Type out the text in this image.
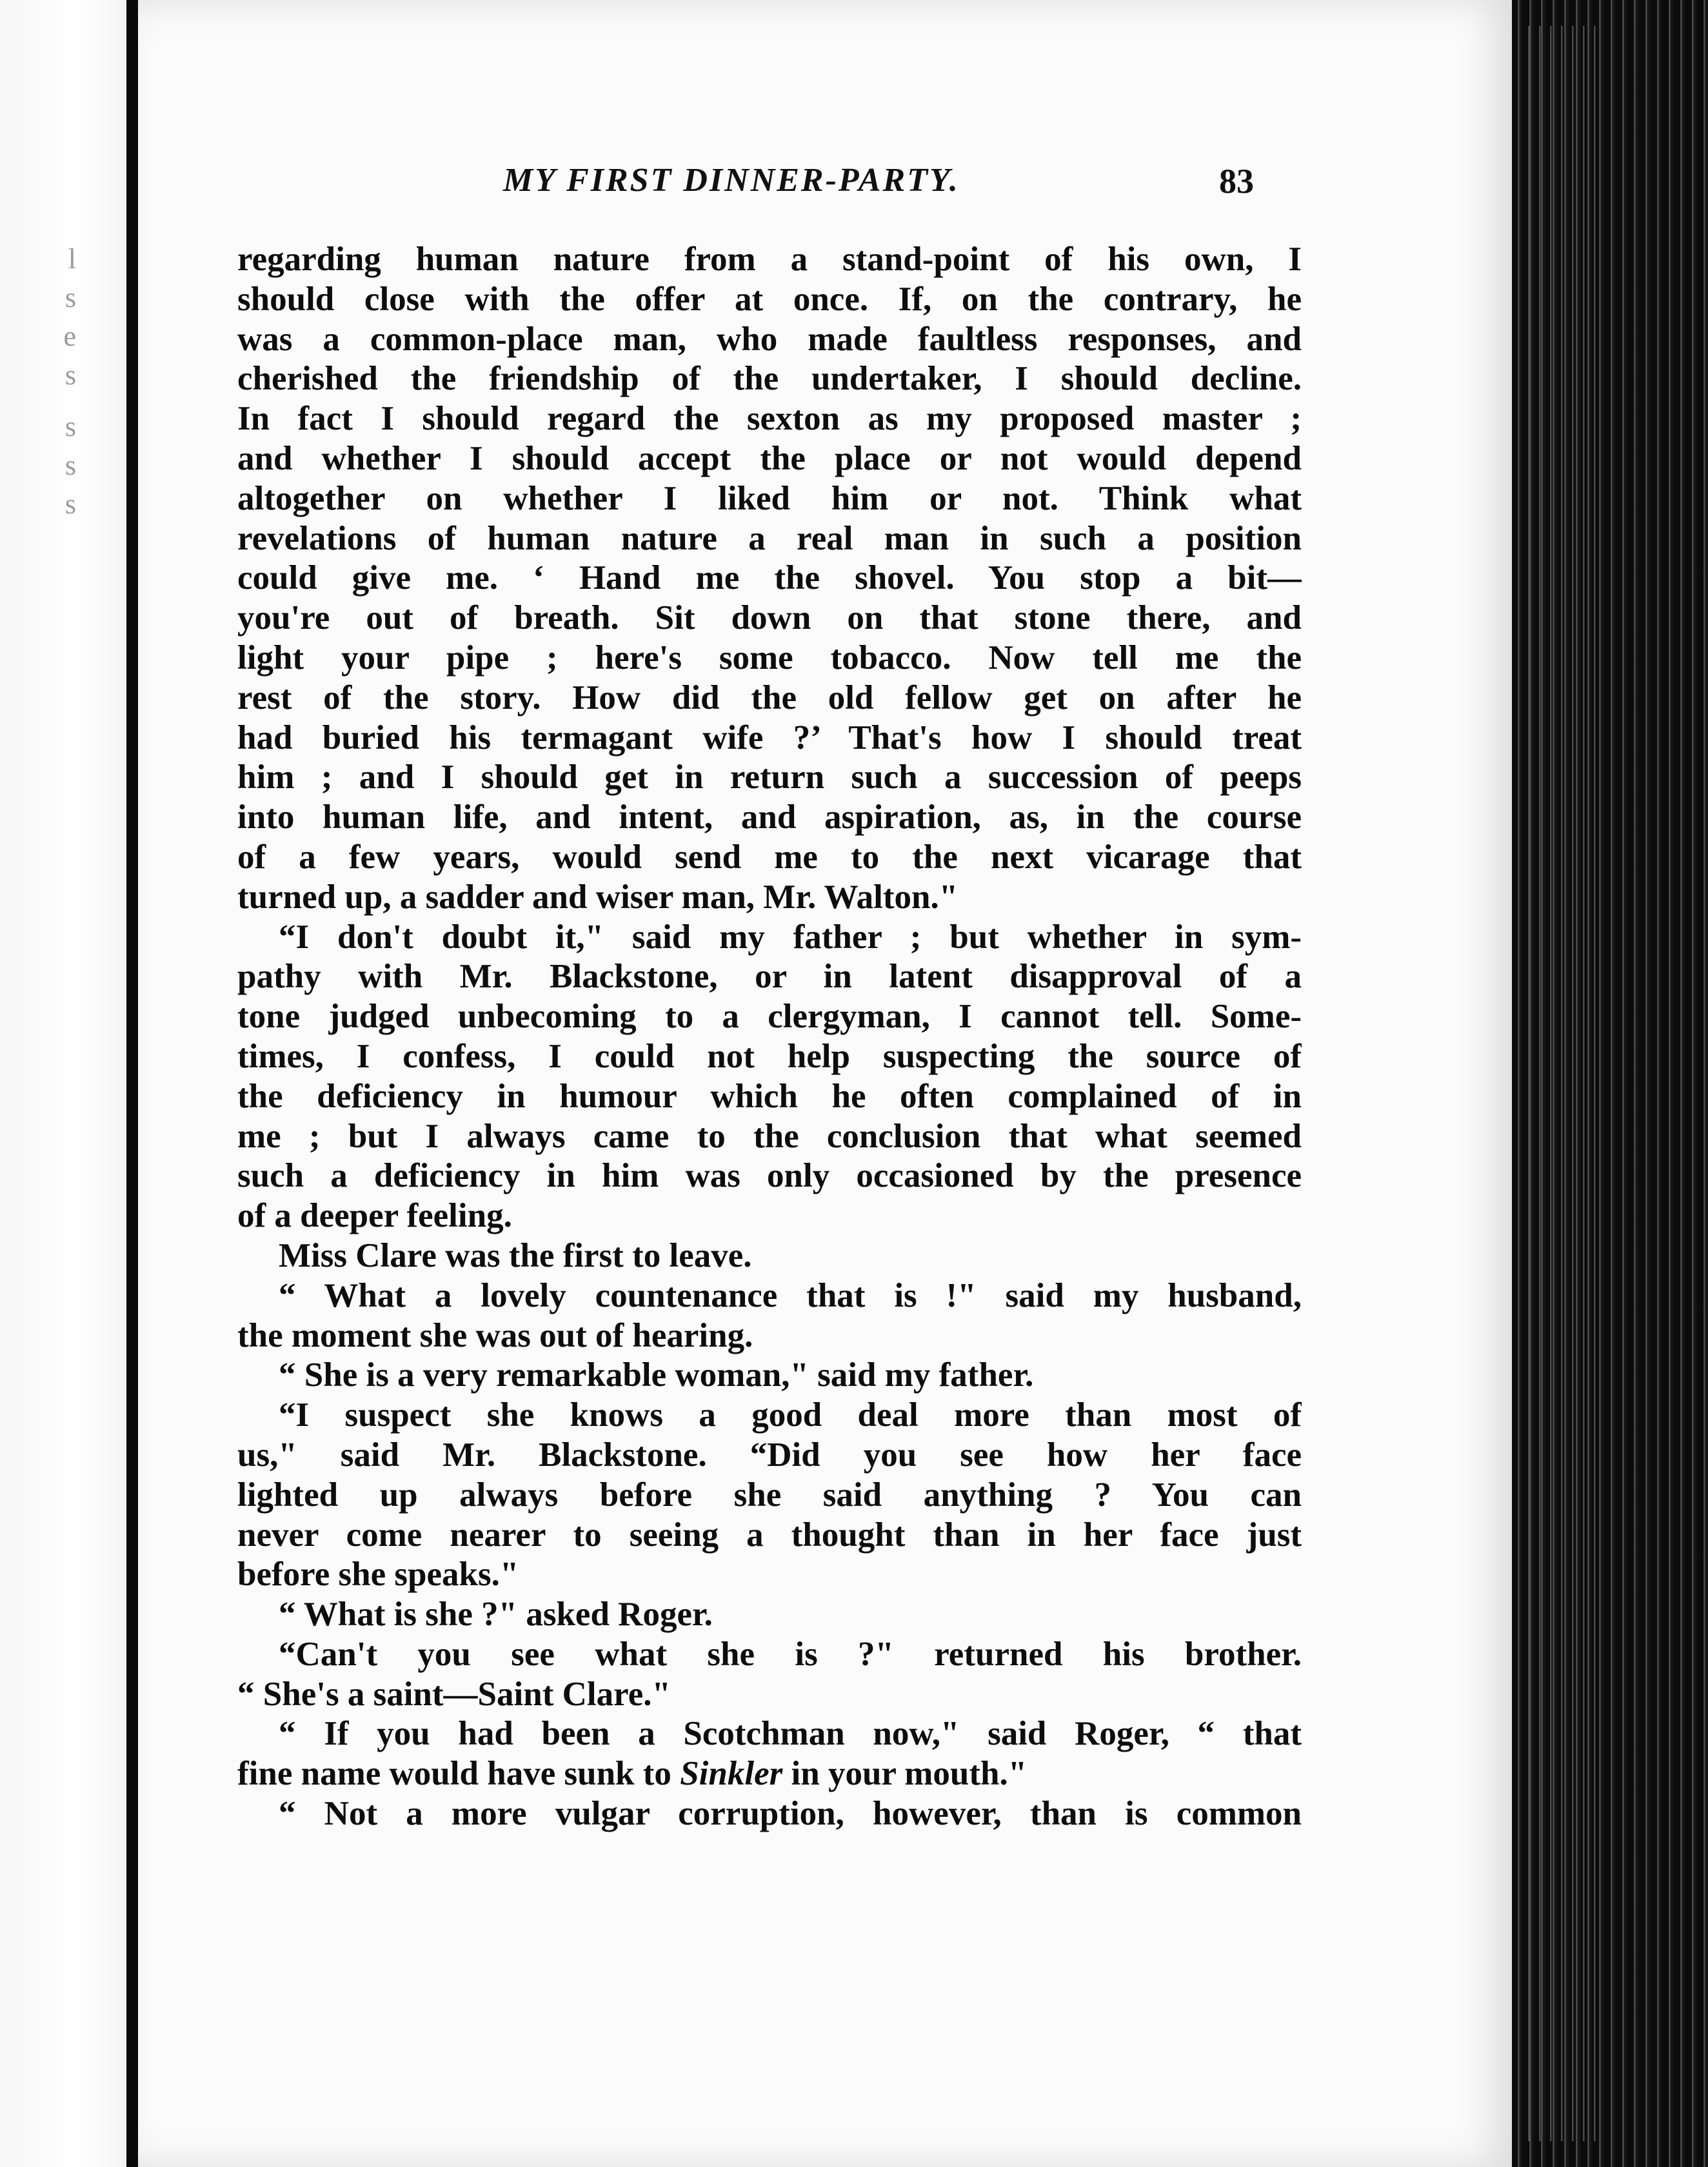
l
s
e
s
s
s
s
MY FIRST DINNER-PARTY.	83
regarding human nature from a stand-point of his own, I
should close with the offer at once. If, on the contrary, he
was a common-place man, who made faultless responses, and
cherished the friendship of the undertaker, I should decline.
In fact I should regard the sexton as my proposed master ;
and whether I should accept the place or not would depend
altogether on whether I liked him or not. Think what
revelations of human nature a real man in such a position
could give me. ‘ Hand me the shovel. You stop a bit—
you're out of breath. Sit down on that stone there, and
light your pipe ; here's some tobacco. Now tell me the
rest of the story. How did the old fellow get on after he
had buried his termagant wife ?’ That's how I should treat
him ; and I should get in return such a succession of peeps
into human life, and intent, and aspiration, as, in the course
of a few years, would send me to the next vicarage that
turned up, a sadder and wiser man, Mr. Walton."
“I don't doubt it," said my father ; but whether in sym-
pathy with Mr. Blackstone, or in latent disapproval of a
tone judged unbecoming to a clergyman, I cannot tell. Some-
times, I confess, I could not help suspecting the source of
the deficiency in humour which he often complained of in
me ; but I always came to the conclusion that what seemed
such a deficiency in him was only occasioned by the presence
of a deeper feeling.
Miss Clare was the first to leave.
“ What a lovely countenance that is !" said my husband,
the moment she was out of hearing.
“ She is a very remarkable woman," said my father.
“I suspect she knows a good deal more than most of
us," said Mr. Blackstone. “Did you see how her face
lighted up always before she said anything ? You can
never come nearer to seeing a thought than in her face just
before she speaks."
“ What is she ?" asked Roger.
“Can't you see what she is ?" returned his brother.
“ She's a saint—Saint Clare."
“ If you had been a Scotchman now," said Roger, “ that
fine name would have sunk to Sinkler in your mouth."
“ Not a more vulgar corruption, however, than is common
